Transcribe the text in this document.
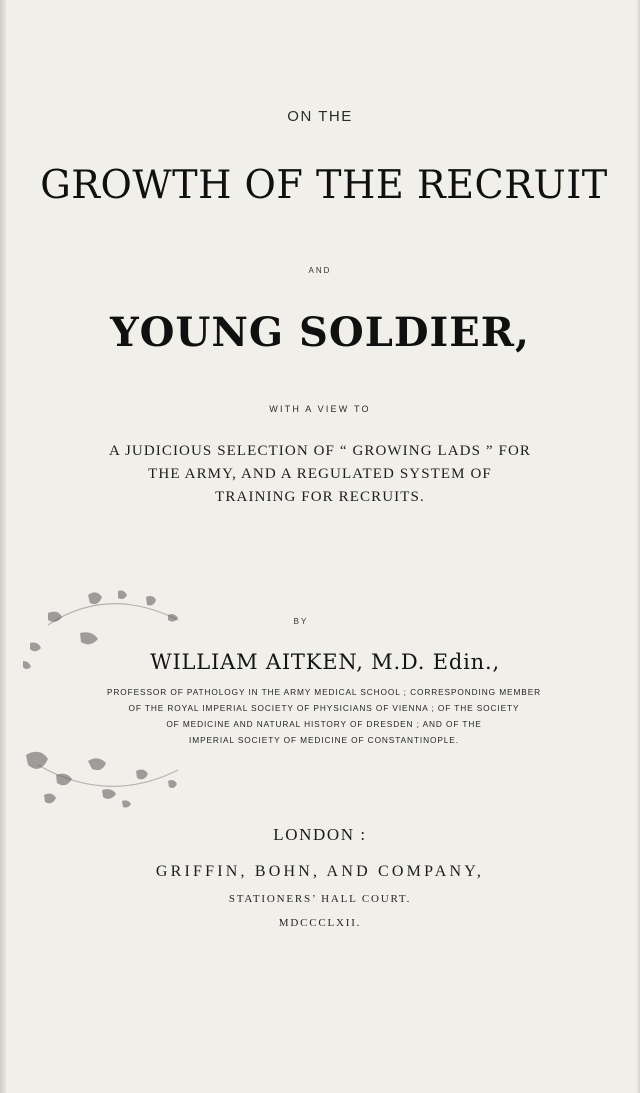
ON THE

GROWTH OF THE RECRUIT

AND

YOUNG SOLDIER,

WITH A VIEW TO

A JUDICIOUS SELECTION OF “ GROWING LADS ” FOR
THE ARMY, AND A REGULATED SYSTEM OF
TRAINING FOR RECRUITS.

BY

WILLIAM AITKEN, M.D. Edin.,

PROFESSOR OF PATHOLOGY IN THE ARMY MEDICAL SCHOOL ; CORRESPONDING MEMBER
OF THE ROYAL IMPERIAL SOCIETY OF PHYSICIANS OF VIENNA ; OF THE SOCIETY
OF MEDICINE AND NATURAL HISTORY OF DRESDEN ; AND OF THE
IMPERIAL SOCIETY OF MEDICINE OF CONSTANTINOPLE.

LONDON :

GRIFFIN, BOHN, AND COMPANY,

STATIONERS’ HALL COURT.

MDCCCLXII.
